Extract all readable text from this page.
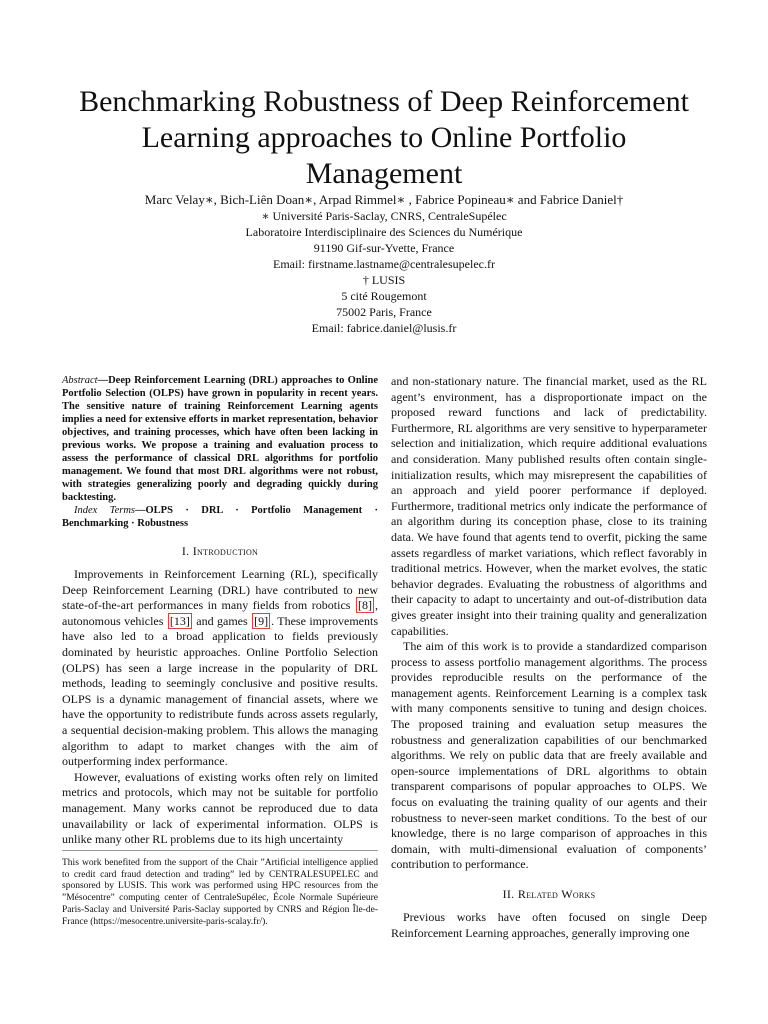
Benchmarking Robustness of Deep Reinforcement
Learning approaches to Online Portfolio
Management
Marc Velay∗, Bich-Liên Doan∗, Arpad Rimmel∗ , Fabrice Popineau∗ and Fabrice Daniel†
∗ Université Paris-Saclay, CNRS, CentraleSupélec
Laboratoire Interdisciplinaire des Sciences du Numérique
91190 Gif-sur-Yvette, France
Email: firstname.lastname@centralesupelec.fr
† LUSIS
5 cité Rougemont
75002 Paris, France
Email: fabrice.daniel@lusis.fr

Abstract—Deep Reinforcement Learning (DRL) approaches to Online Portfolio Selection (OLPS) have grown in popularity in recent years. The sensitive nature of training Reinforcement Learning agents implies a need for extensive efforts in market representation, behavior objectives, and training processes, which have often been lacking in previous works. We propose a training and evaluation process to assess the performance of classical DRL algorithms for portfolio management. We found that most DRL algorithms were not robust, with strategies generalizing poorly and degrading quickly during backtesting.

Index Terms—OLPS · DRL · Portfolio Management · Benchmarking · Robustness

I. Introduction

Improvements in Reinforcement Learning (RL), specifically Deep Reinforcement Learning (DRL) have contributed to new state-of-the-art performances in many fields from robotics [8] , autonomous vehicles [13] and games [9] . These improvements have also led to a broad application to fields previously dominated by heuristic approaches. Online Portfolio Selection (OLPS) has seen a large increase in the popularity of DRL methods, leading to seemingly conclusive and positive results. OLPS is a dynamic management of financial assets, where we have the opportunity to redistribute funds across assets regularly, a sequential decision-making problem. This allows the managing algorithm to adapt to market changes with the aim of outperforming index performance.

However, evaluations of existing works often rely on limited metrics and protocols, which may not be suitable for portfolio management. Many works cannot be reproduced due to data unavailability or lack of experimental information. OLPS is unlike many other RL problems due to its high uncertainty

This work benefited from the support of the Chair ”Artificial intelligence applied to credit card fraud detection and trading” led by CENTRALESUPELEC and sponsored by LUSIS. This work was performed using HPC resources from the ”Mésocentre” computing center of CentraleSupélec, École Normale Supérieure Paris-Saclay and Université Paris-Saclay supported by CNRS and Région Île-de-France (https://mesocentre.universite-paris-scalay.fr/).

and non-stationary nature. The financial market, used as the RL agent’s environment, has a disproportionate impact on the proposed reward functions and lack of predictability. Furthermore, RL algorithms are very sensitive to hyperparameter selection and initialization, which require additional evaluations and consideration. Many published results often contain single-initialization results, which may misrepresent the capabilities of an approach and yield poorer performance if deployed. Furthermore, traditional metrics only indicate the performance of an algorithm during its conception phase, close to its training data. We have found that agents tend to overfit, picking the same assets regardless of market variations, which reflect favorably in traditional metrics. However, when the market evolves, the static behavior degrades. Evaluating the robustness of algorithms and their capacity to adapt to uncertainty and out-of-distribution data gives greater insight into their training quality and generalization capabilities.

The aim of this work is to provide a standardized comparison process to assess portfolio management algorithms. The process provides reproducible results on the performance of the management agents. Reinforcement Learning is a complex task with many components sensitive to tuning and design choices. The proposed training and evaluation setup measures the robustness and generalization capabilities of our benchmarked algorithms. We rely on public data that are freely available and open-source implementations of DRL algorithms to obtain transparent comparisons of popular approaches to OLPS. We focus on evaluating the training quality of our agents and their robustness to never-seen market conditions. To the best of our knowledge, there is no large comparison of approaches in this domain, with multi-dimensional evaluation of components’ contribution to performance.

II. Related Works

Previous works have often focused on single Deep Reinforcement Learning approaches, generally improving one
